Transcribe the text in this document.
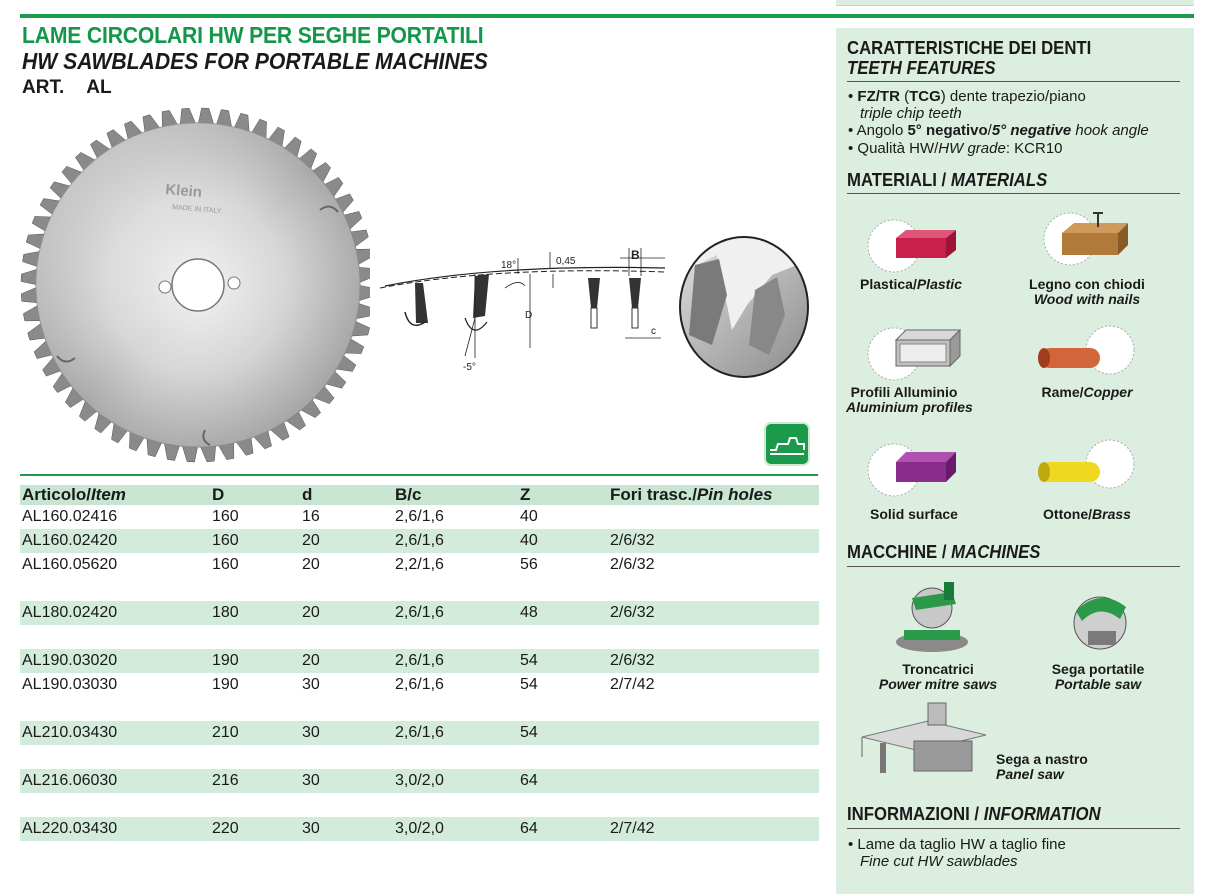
LAME CIRCOLARI HW PER SEGHE PORTATILI
HW SAWBLADES FOR PORTABLE MACHINES
ART. AL
Klein
MADE IN ITALY
-5°
18°	0,45
D
B
c
Articolo/Item	D	d	B/c	Z	Fori trasc./Pin holes
AL160.02416	160	16	2,6/1,6	40	
AL160.02420	160	20	2,6/1,6	40	2/6/32
AL160.05620	160	20	2,2/1,6	56	2/6/32

AL180.02420	180	20	2,6/1,6	48	2/6/32

AL190.03020	190	20	2,6/1,6	54	2/6/32
AL190.03030	190	30	2,6/1,6	54	2/7/42

AL210.03430	210	30	2,6/1,6	54	

AL216.06030	216	30	3,0/2,0	64	

AL220.03430	220	30	3,0/2,0	64	2/7/42
CARATTERISTICHE DEI DENTI
TEETH FEATURES
• FZ/TR (TCG) dente trapezio/piano
triple chip teeth
• Angolo 5° negativo/5° negative hook angle
• Qualità HW/HW grade: KCR10
MATERIALI / MATERIALS
Plastica/Plastic	Legno con chiodi
Wood with nails
Profili Alluminio
Aluminium profiles
Rame/Copper
Solid surface	Ottone/Brass
MACCHINE / MACHINES
Troncatrici
Power mitre saws
Sega portatile
Portable saw
Sega a nastro
Panel saw
INFORMAZIONI / INFORMATION
• Lame da taglio HW a taglio fine
Fine cut HW sawblades
